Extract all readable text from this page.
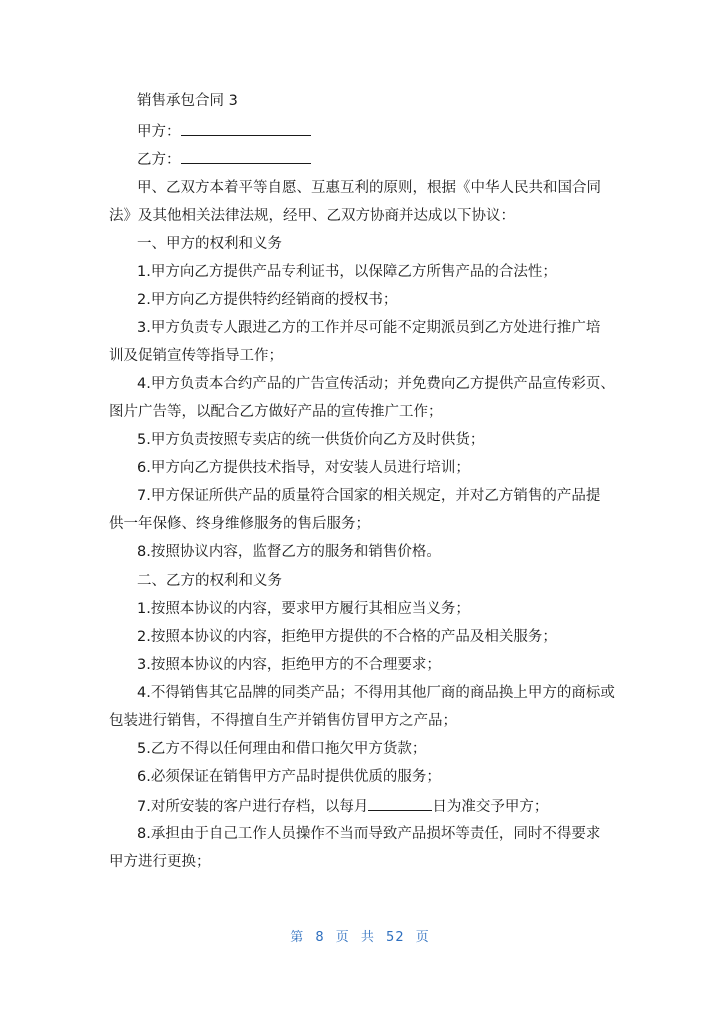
销售承包合同 3
甲方：
乙方：
甲、乙双方本着平等自愿、互惠互利的原则，根据《中华人民共和国合同
法》及其他相关法律法规，经甲、乙双方协商并达成以下协议：
一、甲方的权利和义务
1.甲方向乙方提供产品专利证书，以保障乙方所售产品的合法性；
2.甲方向乙方提供特约经销商的授权书；
3.甲方负责专人跟进乙方的工作并尽可能不定期派员到乙方处进行推广培
训及促销宣传等指导工作；
4.甲方负责本合约产品的广告宣传活动；并免费向乙方提供产品宣传彩页、
图片广告等，以配合乙方做好产品的宣传推广工作；
5.甲方负责按照专卖店的统一供货价向乙方及时供货；
6.甲方向乙方提供技术指导，对安装人员进行培训；
7.甲方保证所供产品的质量符合国家的相关规定，并对乙方销售的产品提
供一年保修、终身维修服务的售后服务；
8.按照协议内容，监督乙方的服务和销售价格。
二、乙方的权利和义务
1.按照本协议的内容，要求甲方履行其相应当义务；
2.按照本协议的内容，拒绝甲方提供的不合格的产品及相关服务；
3.按照本协议的内容，拒绝甲方的不合理要求；
4.不得销售其它品牌的同类产品；不得用其他厂商的商品换上甲方的商标或
包装进行销售，不得擅自生产并销售仿冒甲方之产品；
5.乙方不得以任何理由和借口拖欠甲方货款；
6.必须保证在销售甲方产品时提供优质的服务；
7.对所安装的客户进行存档，以每月	日为准交予甲方；
8.承担由于自己工作人员操作不当而导致产品损坏等责任，同时不得要求
甲方进行更换；
第 8 页 共 52 页
